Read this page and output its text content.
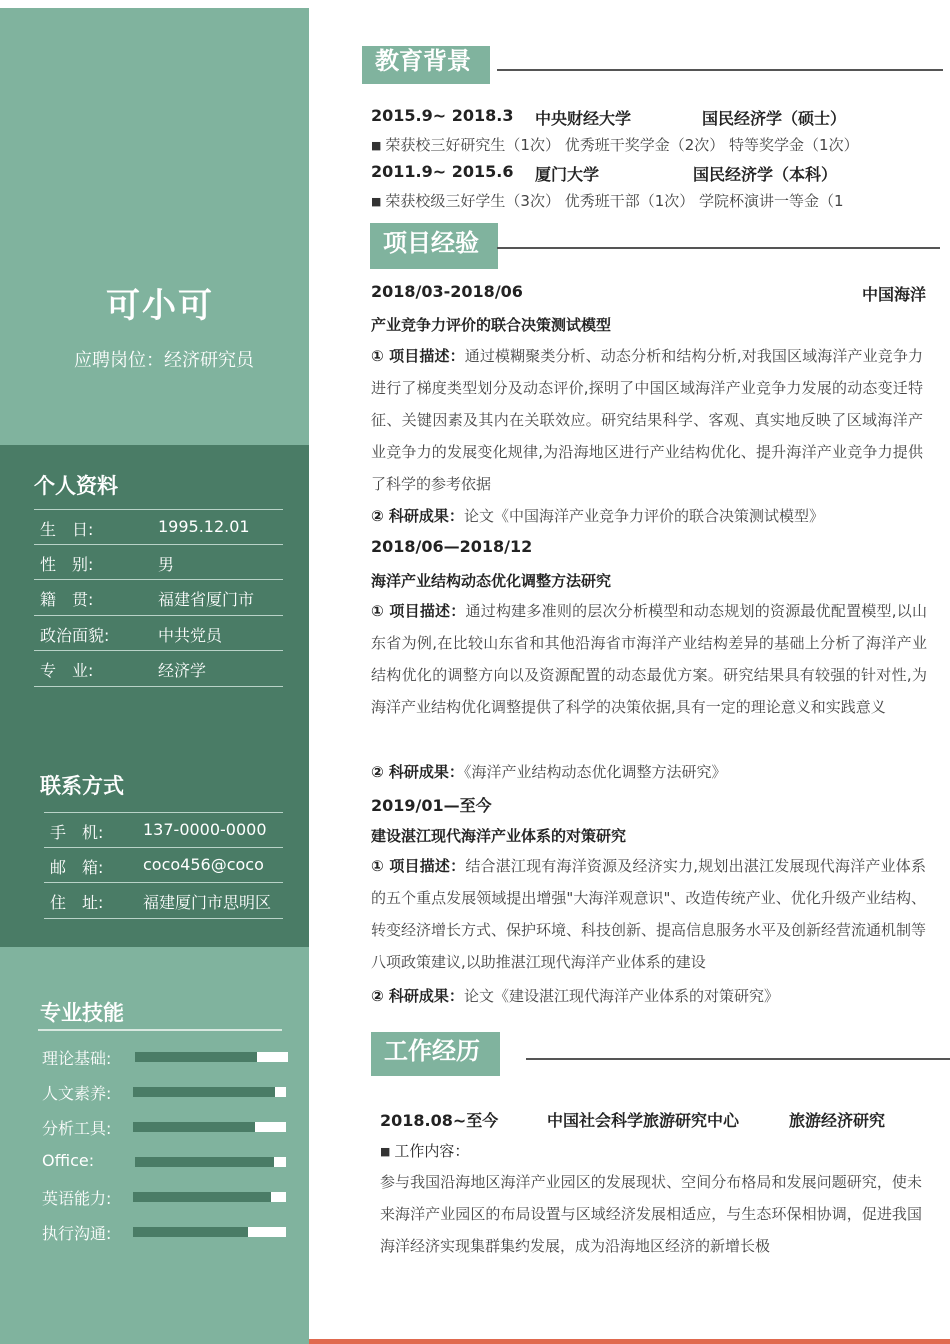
可小可
应聘岗位：经济研究员
个人资料
生　日:	1995.12.01
性　别:	男
籍　贯:	福建省厦门市
政治面貌:	中共党员
专　业:	经济学
联系方式
手　机: 137-0000-0000
邮　箱: coco456@coco
住　址: 福建厦门市思明区
专业技能
理论基础:
人文素养:
分析工具:
Office:
英语能力:
执行沟通:
教育背景
2015.9~ 2018.3 中央财经大学	国民经济学（硕士）
■ 荣获校三好研究生（1次） 优秀班干奖学金（2次） 特等奖学金（1次）
2011.9~ 2015.6 厦门大学	国民经济学（本科）
■ 荣获校级三好学生（3次） 优秀班干部（1次） 学院杯演讲一等金（1
项目经验
2018/03-2018/06	中国海洋
产业竞争力评价的联合决策测试模型
① 项目描述：通过模糊聚类分析、动态分析和结构分析,对我国区域海洋产业竞争力进行了梯度类型划分及动态评价,探明了中国区域海洋产业竞争力发展的动态变迁特征、关键因素及其内在关联效应。研究结果科学、客观、真实地反映了区域海洋产业竞争力的发展变化规律,为沿海地区进行产业结构优化、提升海洋产业竞争力提供了科学的参考依据
② 科研成果：论文《中国海洋产业竞争力评价的联合决策测试模型》
2018/06—2018/12
海洋产业结构动态优化调整方法研究
① 项目描述：通过构建多准则的层次分析模型和动态规划的资源最优配置模型,以山东省为例,在比较山东省和其他沿海省市海洋产业结构差异的基础上分析了海洋产业结构优化的调整方向以及资源配置的动态最优方案。研究结果具有较强的针对性,为海洋产业结构优化调整提供了科学的决策依据,具有一定的理论意义和实践意义
② 科研成果：《海洋产业结构动态优化调整方法研究》
2019/01—至今
建设湛江现代海洋产业体系的对策研究
① 项目描述：结合湛江现有海洋资源及经济实力,规划出湛江发展现代海洋产业体系的五个重点发展领域提出增强"大海洋观意识"、改造传统产业、优化升级产业结构、转变经济增长方式、保护环境、科技创新、提高信息服务水平及创新经营流通机制等八项政策建议,以助推湛江现代海洋产业体系的建设
② 科研成果：论文《建设湛江现代海洋产业体系的对策研究》
工作经历
2018.08~至今	中国社会科学旅游研究中心	旅游经济研究
■ 工作内容：
参与我国沿海地区海洋产业园区的发展现状、空间分布格局和发展问题研究，使未来海洋产业园区的布局设置与区域经济发展相适应，与生态环保相协调，促进我国海洋经济实现集群集约发展，成为沿海地区经济的新增长极
